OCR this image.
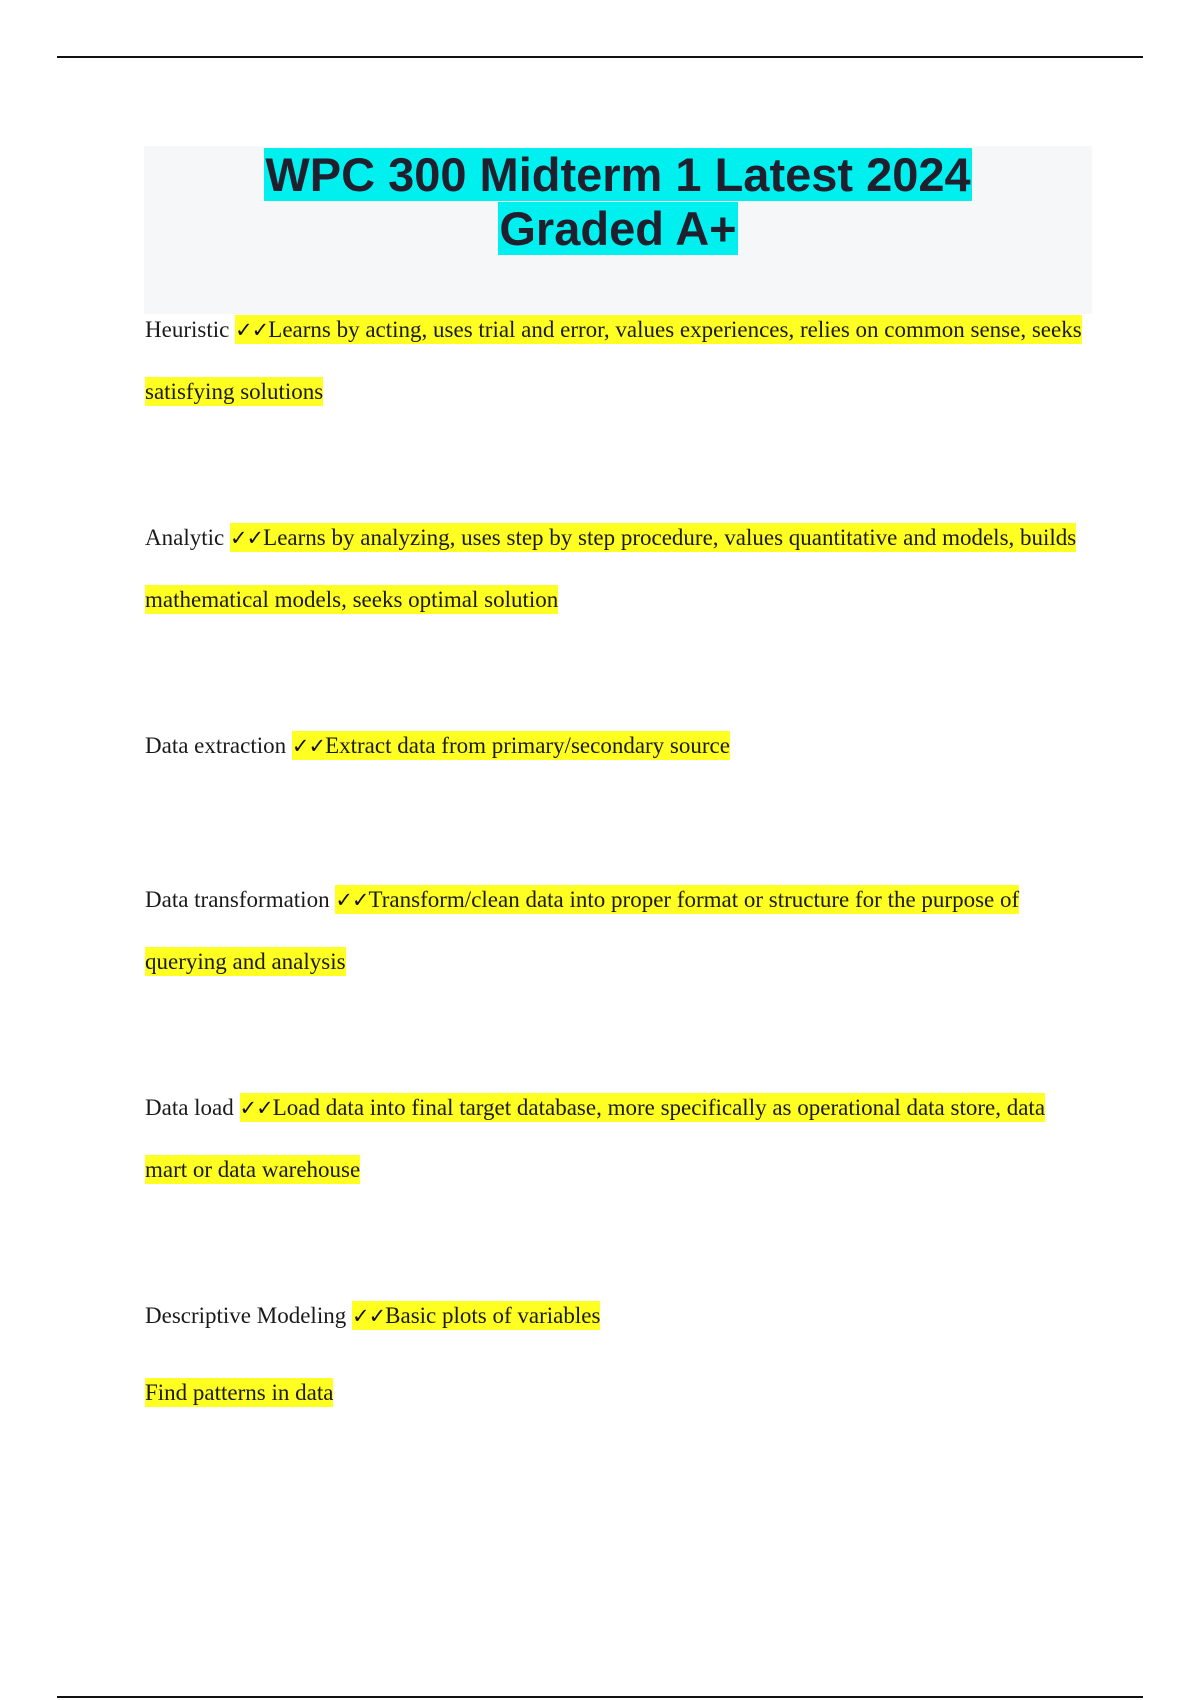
WPC 300 Midterm 1 Latest 2024
Graded A+
Heuristic ✓✓Learns by acting, uses trial and error, values experiences, relies on common sense, seeks satisfying solutions
Analytic ✓✓Learns by analyzing, uses step by step procedure, values quantitative and models, builds mathematical models, seeks optimal solution
Data extraction ✓✓Extract data from primary/secondary source
Data transformation ✓✓Transform/clean data into proper format or structure for the purpose of querying and analysis
Data load ✓✓Load data into final target database, more specifically as operational data store, data mart or data warehouse
Descriptive Modeling ✓✓Basic plots of variables
Find patterns in data
